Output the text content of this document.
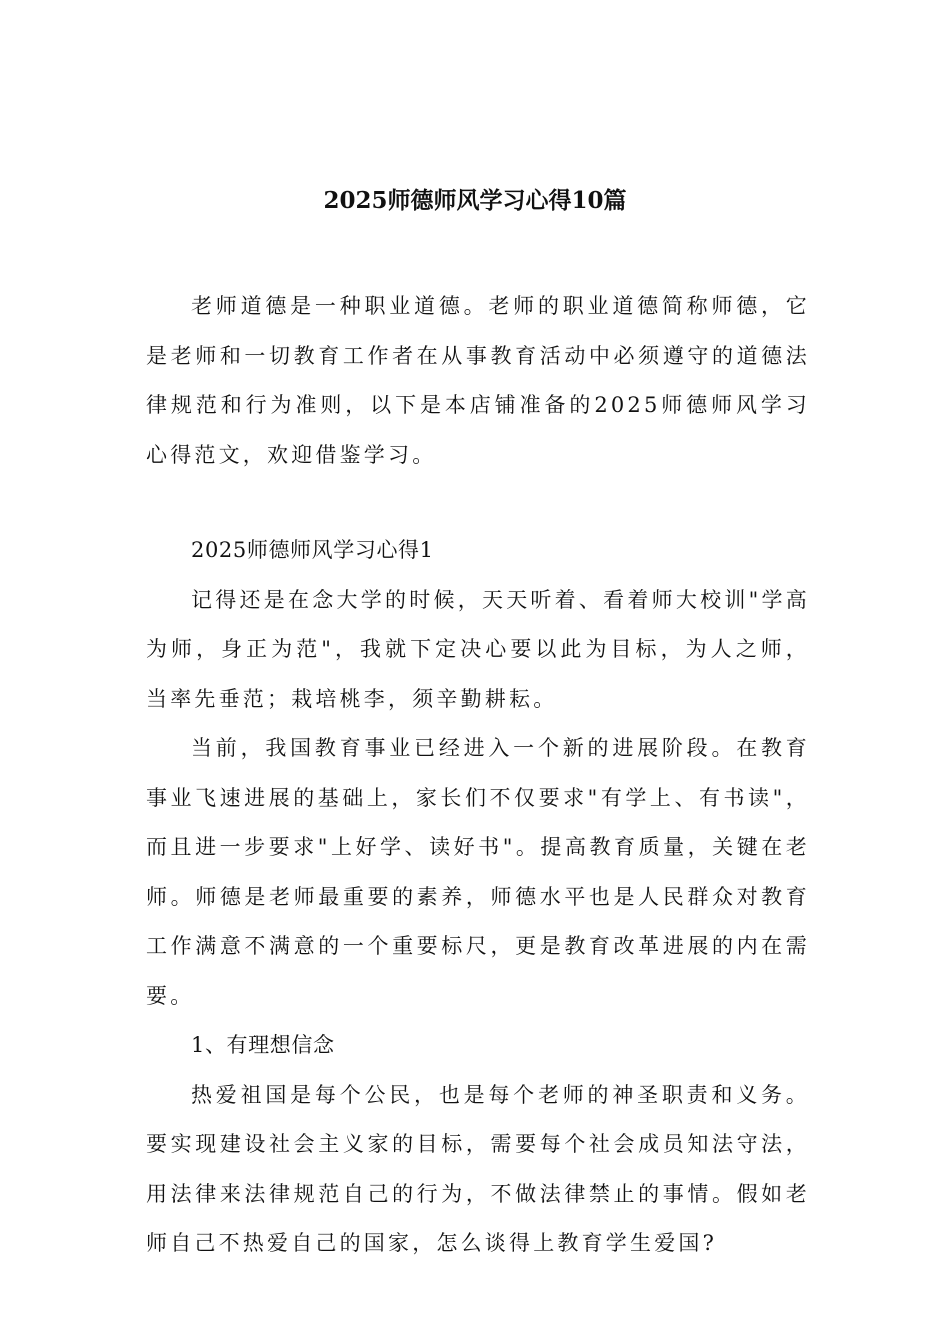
2025师德师风学习心得10篇

老师道德是一种职业道德。老师的职业道德简称师德，它是老师和一切教育工作者在从事教育活动中必须遵守的道德法律规范和行为准则，以下是本店铺准备的2025师德师风学习心得范文，欢迎借鉴学习。

2025师德师风学习心得1

记得还是在念大学的时候，天天听着、看着师大校训"学高为师，身正为范"，我就下定决心要以此为目标，为人之师，当率先垂范；栽培桃李，须辛勤耕耘。

当前，我国教育事业已经进入一个新的进展阶段。在教育事业飞速进展的基础上，家长们不仅要求"有学上、有书读"，而且进一步要求"上好学、读好书"。提高教育质量，关键在老师。师德是老师最重要的素养，师德水平也是人民群众对教育工作满意不满意的一个重要标尺，更是教育改革进展的内在需要。

1、有理想信念

热爱祖国是每个公民，也是每个老师的神圣职责和义务。要实现建设社会主义家的目标，需要每个社会成员知法守法，用法律来法律规范自己的行为，不做法律禁止的事情。假如老师自己不热爱自己的国家，怎么谈得上教育学生爱国?
